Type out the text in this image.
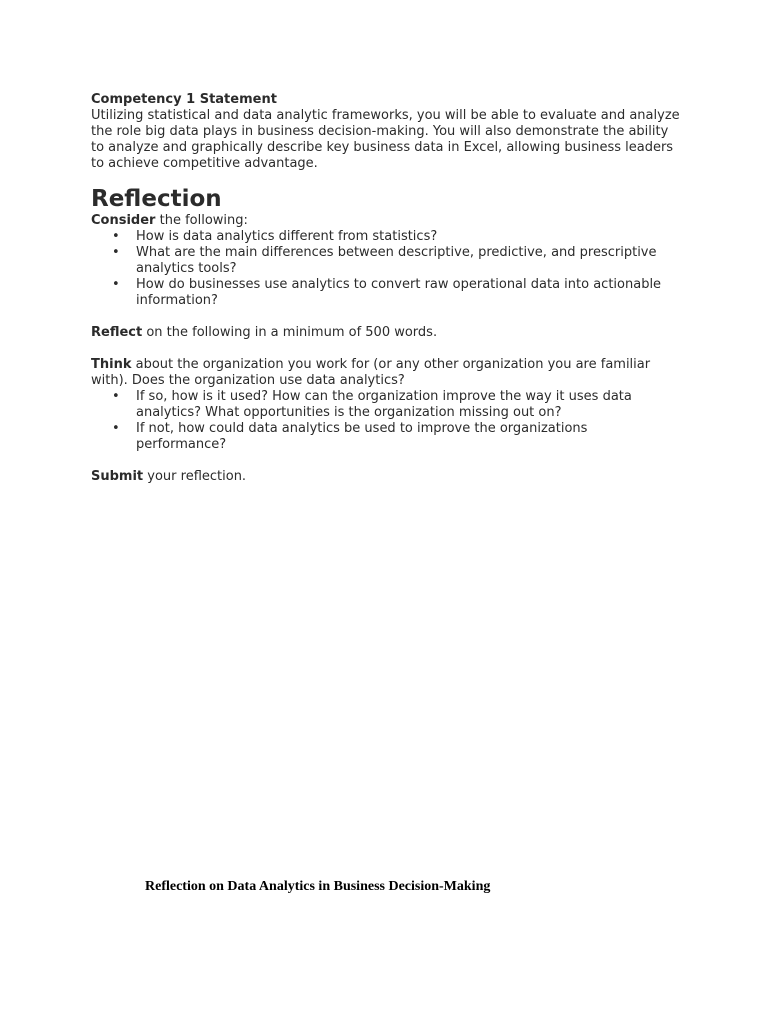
Competency 1 Statement

Utilizing statistical and data analytic frameworks, you will be able to evaluate and analyze the role big data plays in business decision-making. You will also demonstrate the ability to analyze and graphically describe key business data in Excel, allowing business leaders to achieve competitive advantage.

Reflection

Consider the following:

• How is data analytics different from statistics?
• What are the main differences between descriptive, predictive, and prescriptive analytics tools?
• How do businesses use analytics to convert raw operational data into actionable information?

Reflect on the following in a minimum of 500 words.

Think about the organization you work for (or any other organization you are familiar with). Does the organization use data analytics?

• If so, how is it used? How can the organization improve the way it uses data analytics? What opportunities is the organization missing out on?
• If not, how could data analytics be used to improve the organizations performance?

Submit your reflection.

Reflection on Data Analytics in Business Decision-Making
